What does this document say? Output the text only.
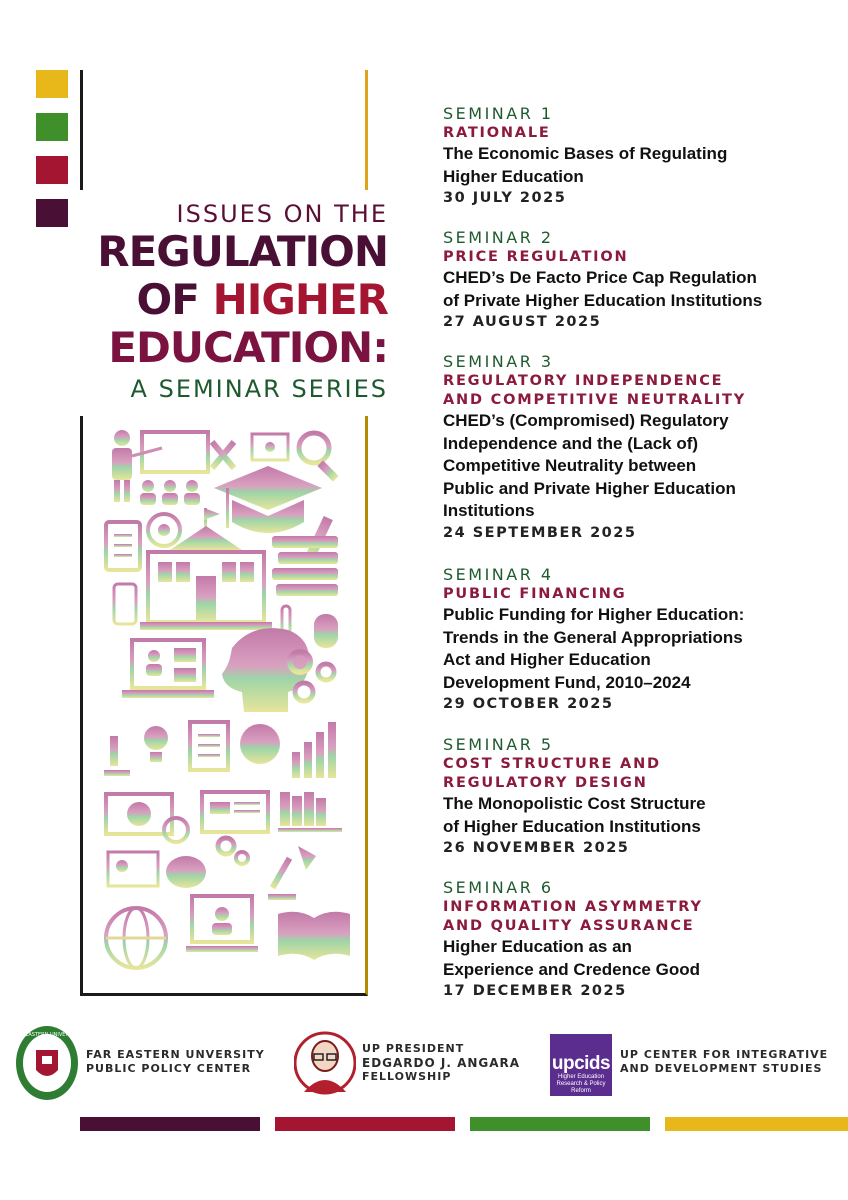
ISSUES ON THE
REGULATION
OF HIGHER
EDUCATION:
A SEMINAR SERIES
SEMINAR 1
RATIONALE
The Economic Bases of Regulating
Higher Education
30 JULY 2025
SEMINAR 2
PRICE REGULATION
CHED’s De Facto Price Cap Regulation
of Private Higher Education Institutions
27 AUGUST 2025
SEMINAR 3
REGULATORY INDEPENDENCE
AND COMPETITIVE NEUTRALITY
CHED’s (Compromised) Regulatory
Independence and the (Lack of)
Competitive Neutrality between
Public and Private Higher Education
Institutions
24 SEPTEMBER 2025
SEMINAR 4
PUBLIC FINANCING
Public Funding for Higher Education:
Trends in the General Appropriations
Act and Higher Education
Development Fund, 2010–2024
29 OCTOBER 2025
SEMINAR 5
COST STRUCTURE AND
REGULATORY DESIGN
The Monopolistic Cost Structure
of Higher Education Institutions
26 NOVEMBER 2025
SEMINAR 6
INFORMATION ASYMMETRY
AND QUALITY ASSURANCE
Higher Education as an
Experience and Credence Good
17 DECEMBER 2025
FAR EASTERN UNIVERSITY
FAR EASTERN UNVERSITY
PUBLIC POLICY CENTER
UP PRESIDENT
EDGARDO J. ANGARA
FELLOWSHIP
upcids
Higher Education Research & Policy Reform
UP CENTER FOR INTEGRATIVE
AND DEVELOPMENT STUDIES
